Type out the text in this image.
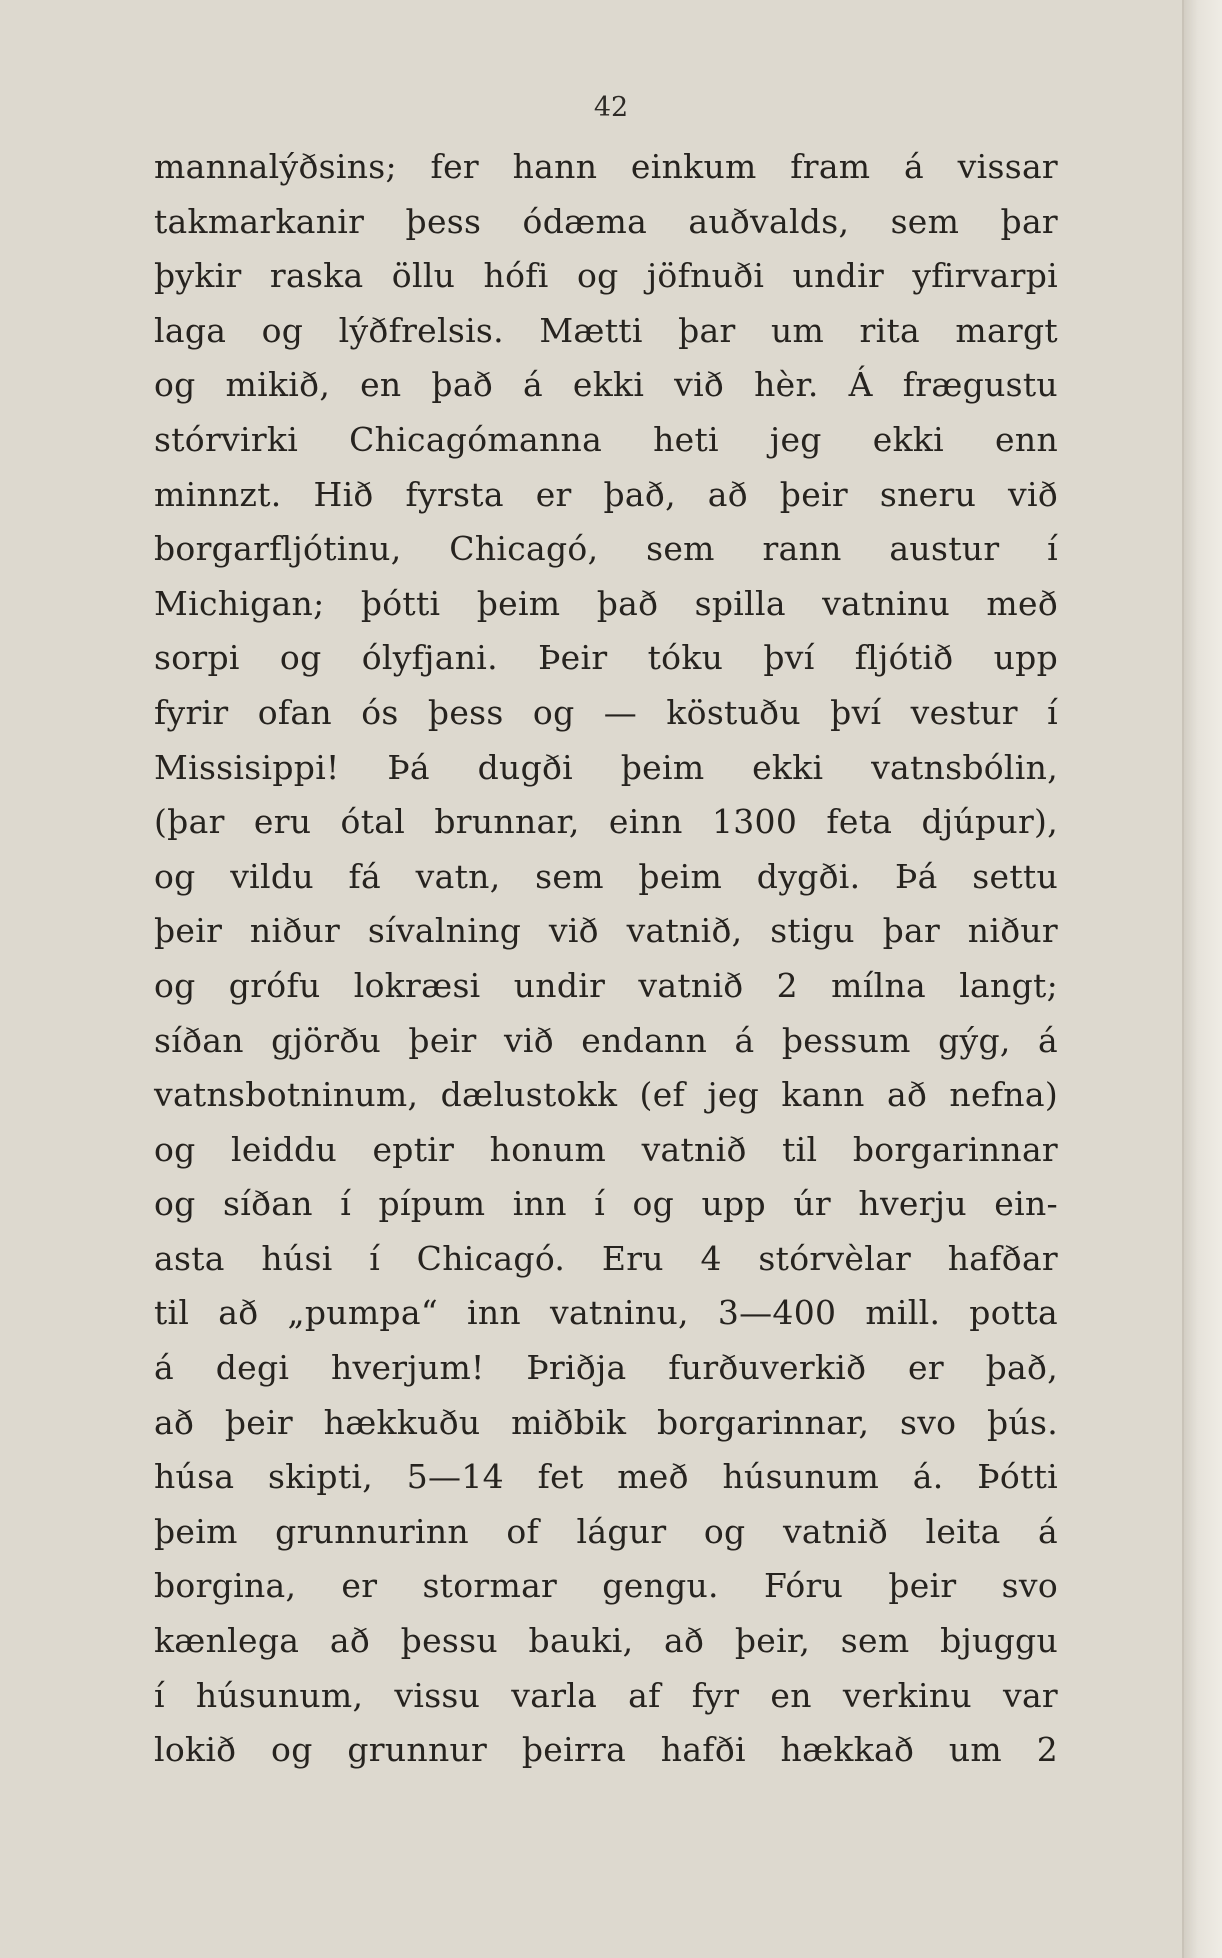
42
mannalýðsins; fer hann einkum fram á vissar
takmarkanir þess ódæma auðvalds, sem þar
þykir raska öllu hófi og jöfnuði undir yfirvarpi
laga og lýðfrelsis. Mætti þar um rita margt
og mikið, en það á ekki við hèr. Á frægustu
stórvirki Chicagómanna heti jeg ekki enn
minnzt. Hið fyrsta er það, að þeir sneru við
borgarfljótinu, Chicagó, sem rann austur í
Michigan; þótti þeim það spilla vatninu með
sorpi og ólyfjani. Þeir tóku því fljótið upp
fyrir ofan ós þess og — köstuðu því vestur í
Missisippi! Þá dugði þeim ekki vatnsbólin,
(þar eru ótal brunnar, einn 1300 feta djúpur),
og vildu fá vatn, sem þeim dygði. Þá settu
þeir niður sívalning við vatnið, stigu þar niður
og grófu lokræsi undir vatnið 2 mílna langt;
síðan gjörðu þeir við endann á þessum gýg, á
vatnsbotninum, dælustokk (ef jeg kann að nefna)
og leiddu eptir honum vatnið til borgarinnar
og síðan í pípum inn í og upp úr hverju ein-
asta húsi í Chicagó. Eru 4 stórvèlar hafðar
til að „pumpa“ inn vatninu, 3—400 mill. potta
á degi hverjum! Þriðja furðuverkið er það,
að þeir hækkuðu miðbik borgarinnar, svo þús.
húsa skipti, 5—14 fet með húsunum á. Þótti
þeim grunnurinn of lágur og vatnið leita á
borgina, er stormar gengu. Fóru þeir svo
kænlega að þessu bauki, að þeir, sem bjuggu
í húsunum, vissu varla af fyr en verkinu var
lokið og grunnur þeirra hafði hækkað um 2
